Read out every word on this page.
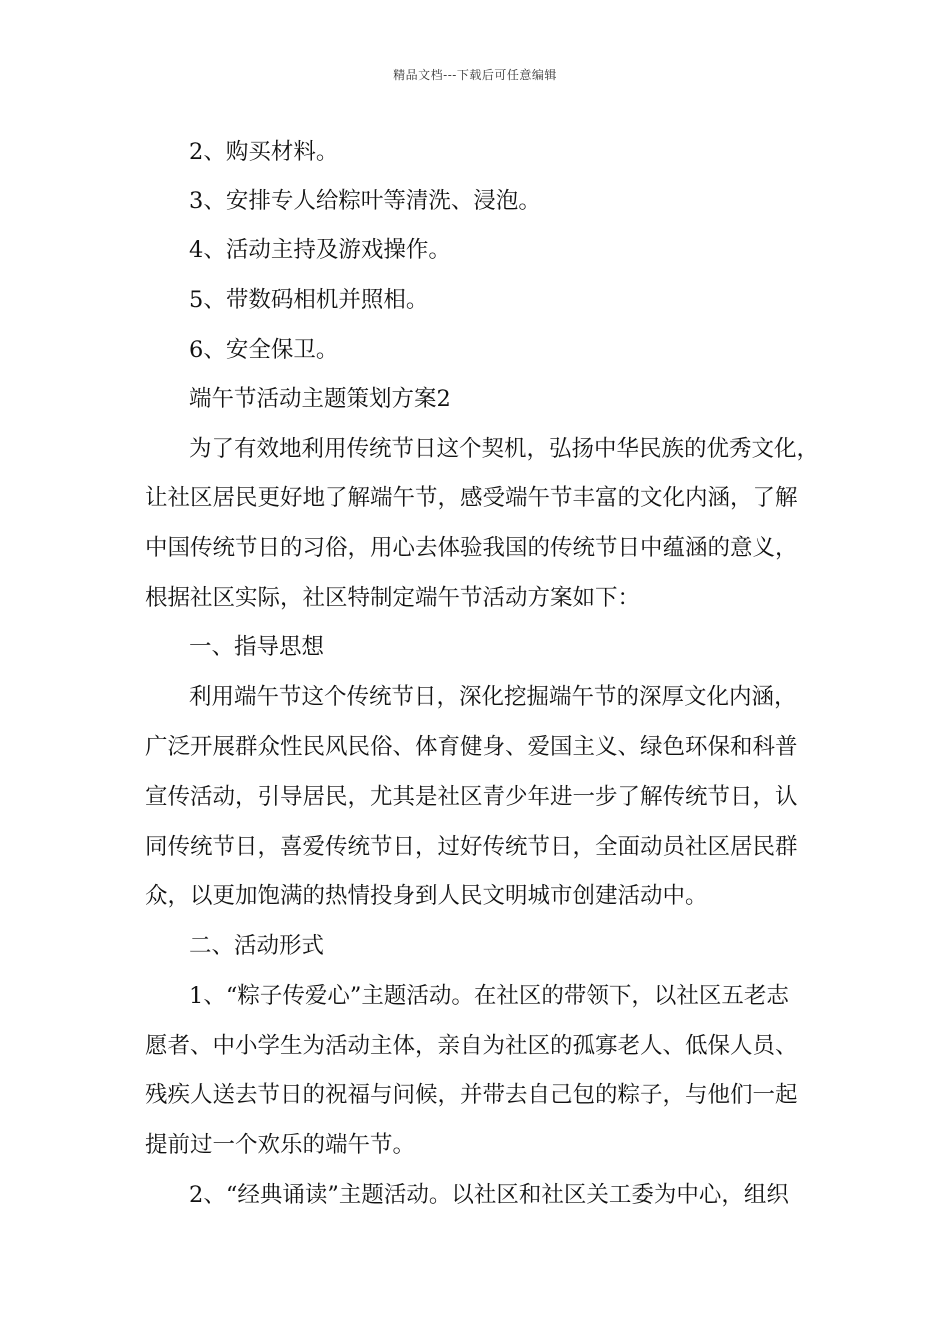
精品文档---下载后可任意编辑
2、购买材料。
3、安排专人给粽叶等清洗、浸泡。
4、活动主持及游戏操作。
5、带数码相机并照相。
6、安全保卫。
端午节活动主题策划方案2
为了有效地利用传统节日这个契机，弘扬中华民族的优秀文化，
让社区居民更好地了解端午节，感受端午节丰富的文化内涵，了解
中国传统节日的习俗，用心去体验我国的传统节日中蕴涵的意义，
根据社区实际，社区特制定端午节活动方案如下：
一、指导思想
利用端午节这个传统节日，深化挖掘端午节的深厚文化内涵，
广泛开展群众性民风民俗、体育健身、爱国主义、绿色环保和科普
宣传活动，引导居民，尤其是社区青少年进一步了解传统节日，认
同传统节日，喜爱传统节日，过好传统节日，全面动员社区居民群
众，以更加饱满的热情投身到人民文明城市创建活动中。
二、活动形式
1、“粽子传爱心”主题活动。在社区的带领下，以社区五老志
愿者、中小学生为活动主体，亲自为社区的孤寡老人、低保人员、
残疾人送去节日的祝福与问候，并带去自己包的粽子，与他们一起
提前过一个欢乐的端午节。
2、“经典诵读”主题活动。以社区和社区关工委为中心，组织
